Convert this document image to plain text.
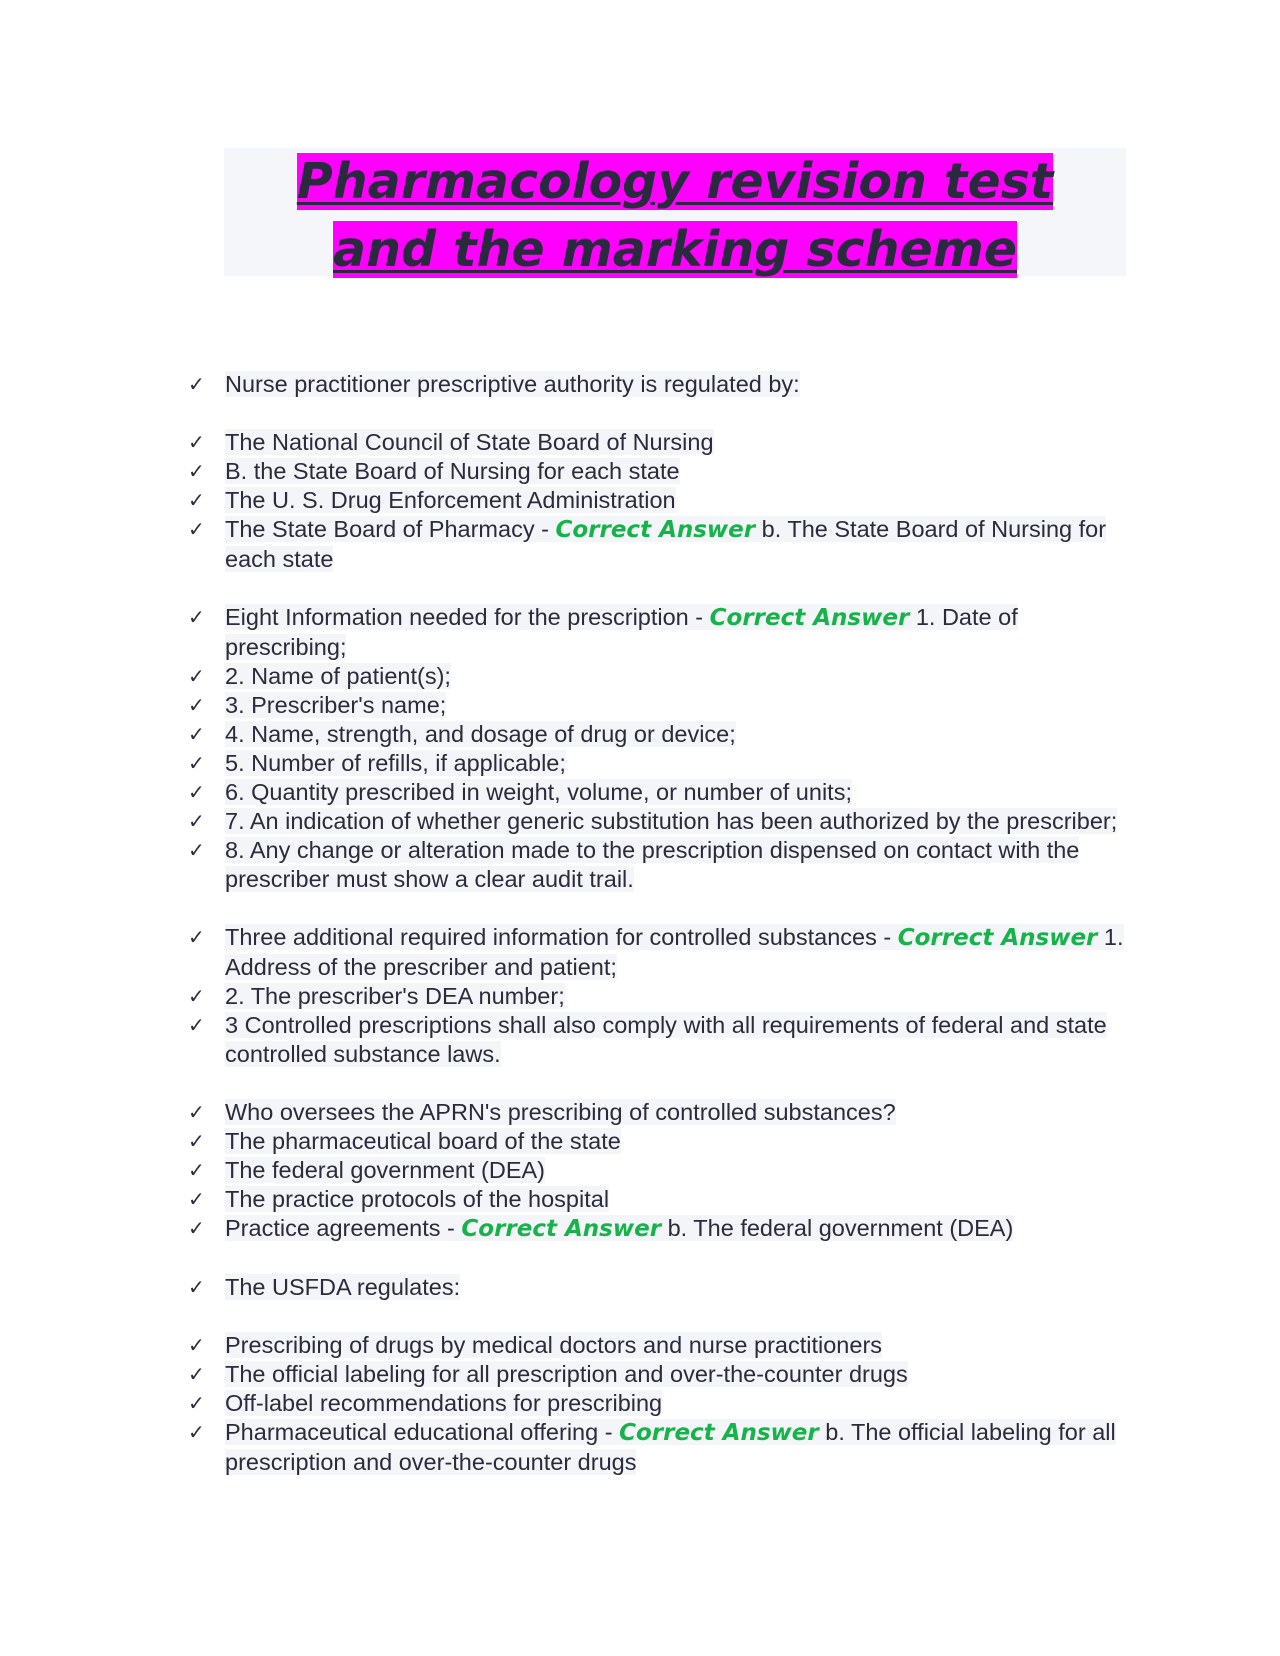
Pharmacology revision test
and the marking scheme
✓ Nurse practitioner prescriptive authority is regulated by:
✓ The National Council of State Board of Nursing
✓ B. the State Board of Nursing for each state
✓ The U. S. Drug Enforcement Administration
✓ The State Board of Pharmacy - Correct Answer b. The State Board of Nursing for each state
✓ Eight Information needed for the prescription - Correct Answer 1. Date of prescribing;
✓ 2. Name of patient(s);
✓ 3. Prescriber's name;
✓ 4. Name, strength, and dosage of drug or device;
✓ 5. Number of refills, if applicable;
✓ 6. Quantity prescribed in weight, volume, or number of units;
✓ 7. An indication of whether generic substitution has been authorized by the prescriber;
✓ 8. Any change or alteration made to the prescription dispensed on contact with the prescriber must show a clear audit trail.
✓ Three additional required information for controlled substances - Correct Answer 1. Address of the prescriber and patient;
✓ 2. The prescriber's DEA number;
✓ 3 Controlled prescriptions shall also comply with all requirements of federal and state controlled substance laws.
✓ Who oversees the APRN's prescribing of controlled substances?
✓ The pharmaceutical board of the state
✓ The federal government (DEA)
✓ The practice protocols of the hospital
✓ Practice agreements - Correct Answer b. The federal government (DEA)
✓ The USFDA regulates:
✓ Prescribing of drugs by medical doctors and nurse practitioners
✓ The official labeling for all prescription and over-the-counter drugs
✓ Off-label recommendations for prescribing
✓ Pharmaceutical educational offering - Correct Answer b. The official labeling for all prescription and over-the-counter drugs
